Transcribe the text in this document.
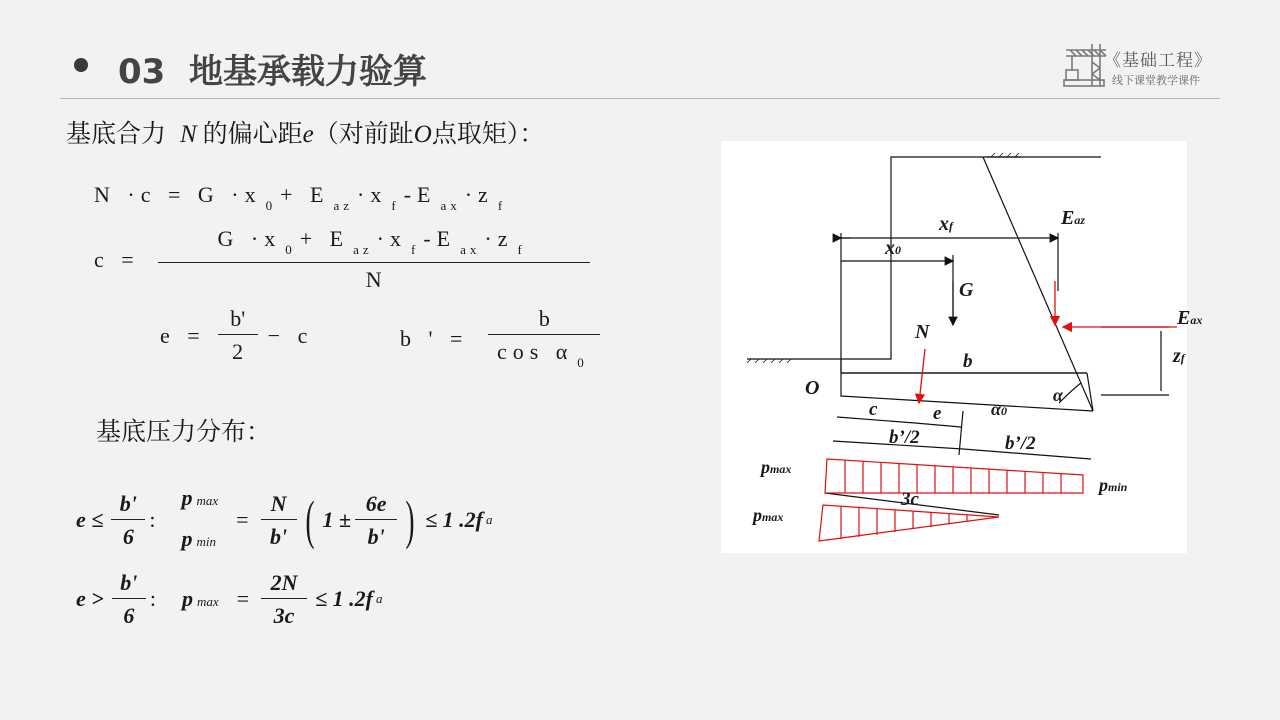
03 地基承载力验算	《基础工程》
线下课堂教学课件
基底合力 N 的偏心距e（对前趾O点取矩）：
N ·c = G ·x $_0$ + E $_{az}$ ·x $_f$ -E $_{ax}$ ·z $_f$
$c = \frac{G \cdot x _0 + E _{az} \cdot x _f -E _{ax} \cdot z _f}{N}$
$e = \frac{b'}{2} - c$	b ' = $\frac{b}{\cos \alpha _0}$
基底压力分布：
$e \le \frac{b'}{6}$ :
pmax
pmin
= $\frac{N}{b'}$ ( $1 \pm \frac{6e}{b'}$ ) ≤ 1 .2f a
$e > \frac{b'}{6}$ : $pmax = \frac{2N}{3c} \le 1$ .2f a
xf
x0
Eaz
Eax
G
N
b	zf
O	α
α0
c	e
b’/2	b’/2
pmax
pmin
3c
pmax
